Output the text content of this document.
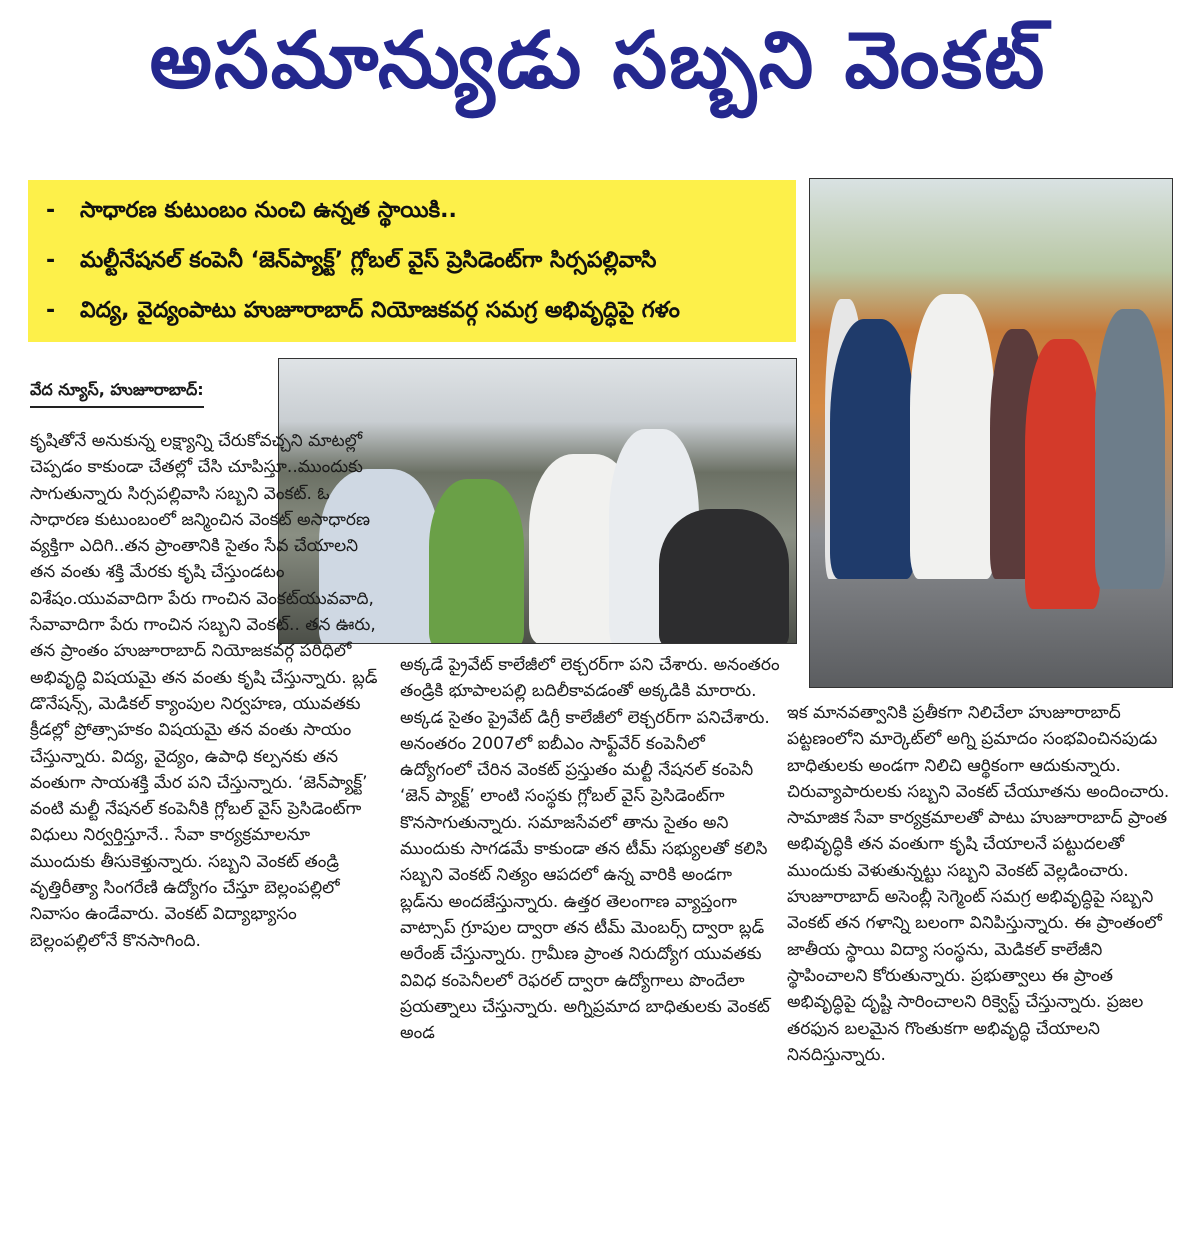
అసమాన్యుడు సబ్బని వెంకట్
- సాధారణ కుటుంబం నుంచి ఉన్నత స్థాయికి..
- మల్టీనేషనల్ కంపెనీ ‘జెన్‌ప్యాక్ట్’ గ్లోబల్ వైస్ ప్రెసిడెంట్‌గా సిర్సపల్లివాసి
- విద్య, వైద్యంపాటు హుజూరాబాద్ నియోజకవర్గ సమగ్ర అభివృద్ధిపై గళం
వేద న్యూస్, హుజూరాబాద్:

కృషితోనే అనుకున్న లక్ష్యాన్ని చేరుకోవచ్చని మాటల్లో చెప్పడం కాకుండా చేతల్లో చేసి చూపిస్తూ..ముందుకు సాగుతున్నారు సిర్సపల్లివాసి సబ్బని వెంకట్. ఓ సాధారణ కుటుంబంలో జన్మించిన వెంకట్ అసాధారణ వ్యక్తిగా ఎదిగి..తన ప్రాంతానికి సైతం సేవ చేయాలని తన వంతు శక్తి మేరకు కృషి చేస్తుండటం విశేషం.యువవాదిగా పేరు గాంచిన వెంకట్‌యువవాది, సేవావాదిగా పేరు గాంచిన సబ్బని వెంకట్.. తన ఊరు, తన ప్రాంతం హుజూరాబాద్ నియోజకవర్గ పరిధిలో అభివృద్ధి విషయమై తన వంతు కృషి చేస్తున్నారు. బ్లడ్ డొనేషన్స్, మెడికల్ క్యాంపుల నిర్వహణ, యువతకు క్రీడల్లో ప్రోత్సాహకం విషయమై తన వంతు సాయం చేస్తున్నారు. విద్య, వైద్యం, ఉపాధి కల్పనకు తన వంతుగా సాయశక్తి మేర పని చేస్తున్నారు. ‘జెన్‌ప్యాక్ట్’ వంటి మల్టీ నేషనల్ కంపెనీకి గ్లోబల్ వైస్ ప్రెసిడెంట్‌గా విధులు నిర్వర్తిస్తూనే.. సేవా కార్యక్రమాలనూ ముందుకు తీసుకెళ్తున్నారు. సబ్బని వెంకట్ తండ్రి వృత్తిరీత్యా సింగరేణి ఉద్యోగం చేస్తూ బెల్లంపల్లిలో నివాసం ఉండేవారు. వెంకట్ విద్యాభ్యాసం బెల్లంపల్లిలోనే కొనసాగింది.

అక్కడే ప్రైవేట్ కాలేజీలో లెక్చరర్‌గా పని చేశారు. అనంతరం తండ్రికి భూపాలపల్లి బదిలీకావడంతో అక్కడికి మారారు. అక్కడ సైతం ప్రైవేట్ డిగ్రీ కాలేజీలో లెక్చరర్‌గా పనిచేశారు. అనంతరం 2007లో ఐబీఎం సాఫ్ట్‌వేర్ కంపెనీలో ఉద్యోగంలో చేరిన వెంకట్ ప్రస్తుతం మల్టీ నేషనల్ కంపెనీ ‘జెన్ ప్యాక్ట్’ లాంటి సంస్థకు గ్లోబల్ వైస్ ప్రెసిడెంట్‌గా కొనసాగుతున్నారు. సమాజసేవలో తాను సైతం అని ముందుకు సాగడమే కాకుండా తన టీమ్ సభ్యులతో కలిసి సబ్బని వెంకట్ నిత్యం ఆపదలో ఉన్న వారికి అండగా బ్లడ్‌ను అందజేస్తున్నారు. ఉత్తర తెలంగాణ వ్యాప్తంగా వాట్సాప్ గ్రూపుల ద్వారా తన టీమ్ మెంబర్స్ ద్వారా బ్లడ్ అరేంజ్ చేస్తున్నారు. గ్రామీణ ప్రాంత నిరుద్యోగ యువతకు వివిధ కంపెనీలలో రెఫరల్ ద్వారా ఉద్యోగాలు పొందేలా ప్రయత్నాలు చేస్తున్నారు. అగ్నిప్రమాద బాధితులకు వెంకట్ అండ

ఇక మానవత్వానికి ప్రతీకగా నిలిచేలా హుజూరాబాద్ పట్టణంలోని మార్కెట్‌లో అగ్ని ప్రమాదం సంభవించినపుడు బాధితులకు అండగా నిలిచి ఆర్థికంగా ఆదుకున్నారు. చిరువ్యాపారులకు సబ్బని వెంకట్ చేయూతను అందించారు. సామాజిక సేవా కార్యక్రమాలతో పాటు హుజూరాబాద్ ప్రాంత అభివృద్ధికి తన వంతుగా కృషి చేయాలనే పట్టుదలతో ముందుకు వెళుతున్నట్టు సబ్బని వెంకట్ వెల్లడించారు. హుజూరాబాద్ అసెంబ్లీ సెగ్మెంట్ సమగ్ర అభివృద్ధిపై సబ్బని వెంకట్ తన గళాన్ని బలంగా వినిపిస్తున్నారు. ఈ ప్రాంతంలో జాతీయ స్థాయి విద్యా సంస్థను, మెడికల్ కాలేజీని స్థాపించాలని కోరుతున్నారు. ప్రభుత్వాలు ఈ ప్రాంత అభివృద్ధిపై దృష్టి సారించాలని రిక్వెస్ట్ చేస్తున్నారు. ప్రజల తరఫున బలమైన గొంతుకగా అభివృద్ధి చేయాలని నినదిస్తున్నారు.
